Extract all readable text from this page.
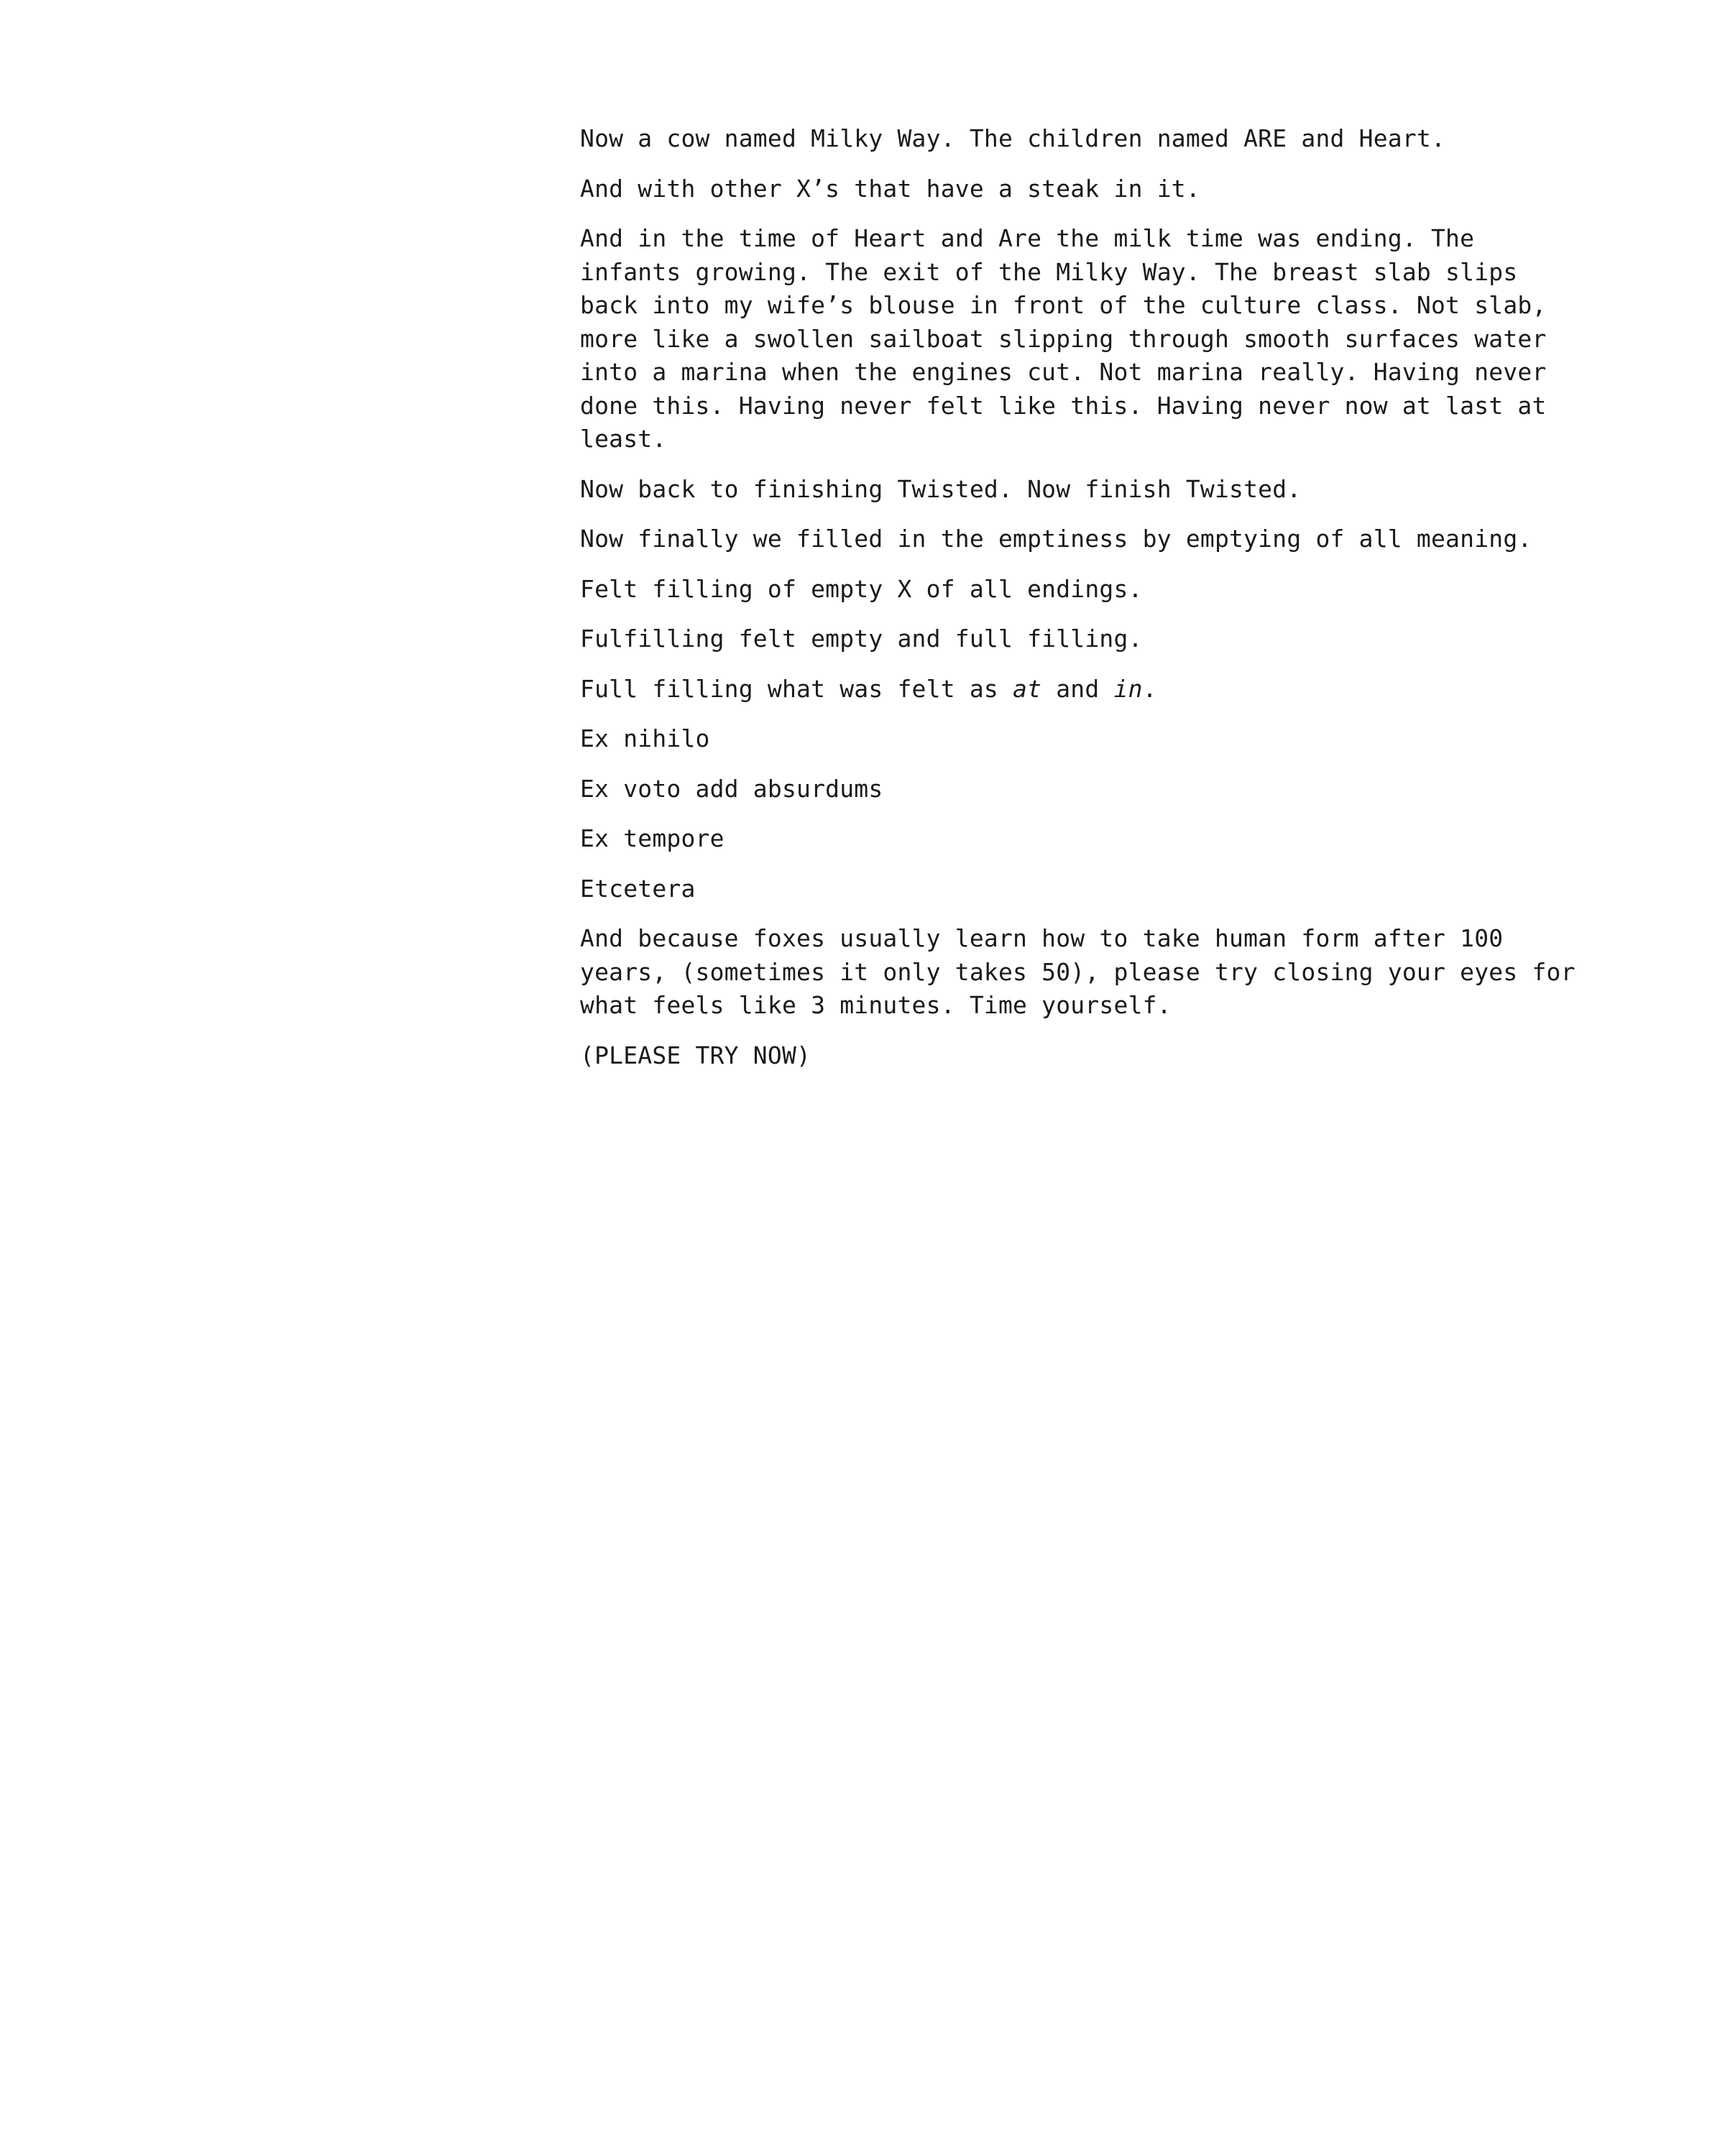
Now a cow named Milky Way. The children named ARE and Heart.

And with other X’s that have a steak in it.

And in the time of Heart and Are the milk time was ending. The infants growing. The exit of the Milky Way. The breast slab slips back into my wife’s blouse in front of the culture class. Not slab, more like a swollen sailboat slipping through smooth surfaces water into a marina when the engines cut. Not marina really. Having never done this. Having never felt like this. Having never now at last at least.

Now back to finishing Twisted. Now finish Twisted.

Now finally we filled in the emptiness by emptying of all meaning.

Felt filling of empty X of all endings.

Fulfilling felt empty and full filling.

Full filling what was felt as at and in.

Ex nihilo

Ex voto add absurdums

Ex tempore

Etcetera

And because foxes usually learn how to take human form after 100 years, (sometimes it only takes 50), please try closing your eyes for what feels like 3 minutes. Time yourself.

(PLEASE TRY NOW)
